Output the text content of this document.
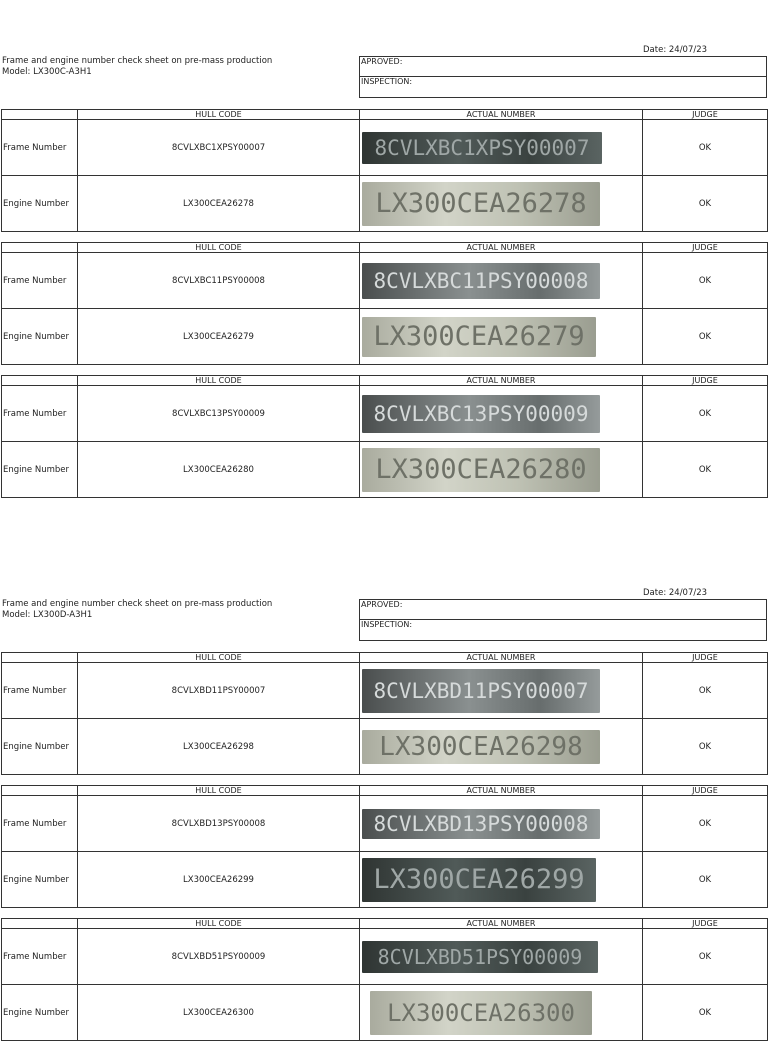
Date: 24/07/23
Frame and engine number check sheet on pre-mass production
Model: LX300C-A3H1
APROVED:
INSPECTION:
	HULL CODE	ACTUAL NUMBER	JUDGE
Frame Number	8CVLXBC1XPSY00007	8CVLXBC1XPSY00007	OK
Engine Number	LX300CEA26278	LX300CEA26278	OK
	HULL CODE	ACTUAL NUMBER	JUDGE
Frame Number	8CVLXBC11PSY00008	8CVLXBC11PSY00008	OK
Engine Number	LX300CEA26279	LX300CEA26279	OK
	HULL CODE	ACTUAL NUMBER	JUDGE
Frame Number	8CVLXBC13PSY00009	8CVLXBC13PSY00009	OK
Engine Number	LX300CEA26280	LX300CEA26280	OK
Date: 24/07/23
Frame and engine number check sheet on pre-mass production
Model: LX300D-A3H1
APROVED:
INSPECTION:
	HULL CODE	ACTUAL NUMBER	JUDGE
Frame Number	8CVLXBD11PSY00007	8CVLXBD11PSY00007	OK
Engine Number	LX300CEA26298	LX300CEA26298	OK
	HULL CODE	ACTUAL NUMBER	JUDGE
Frame Number	8CVLXBD13PSY00008	8CVLXBD13PSY00008	OK
Engine Number	LX300CEA26299	LX300CEA26299	OK
	HULL CODE	ACTUAL NUMBER	JUDGE
Frame Number	8CVLXBD51PSY00009	8CVLXBD51PSY00009	OK
Engine Number	LX300CEA26300	LX300CEA26300	OK
